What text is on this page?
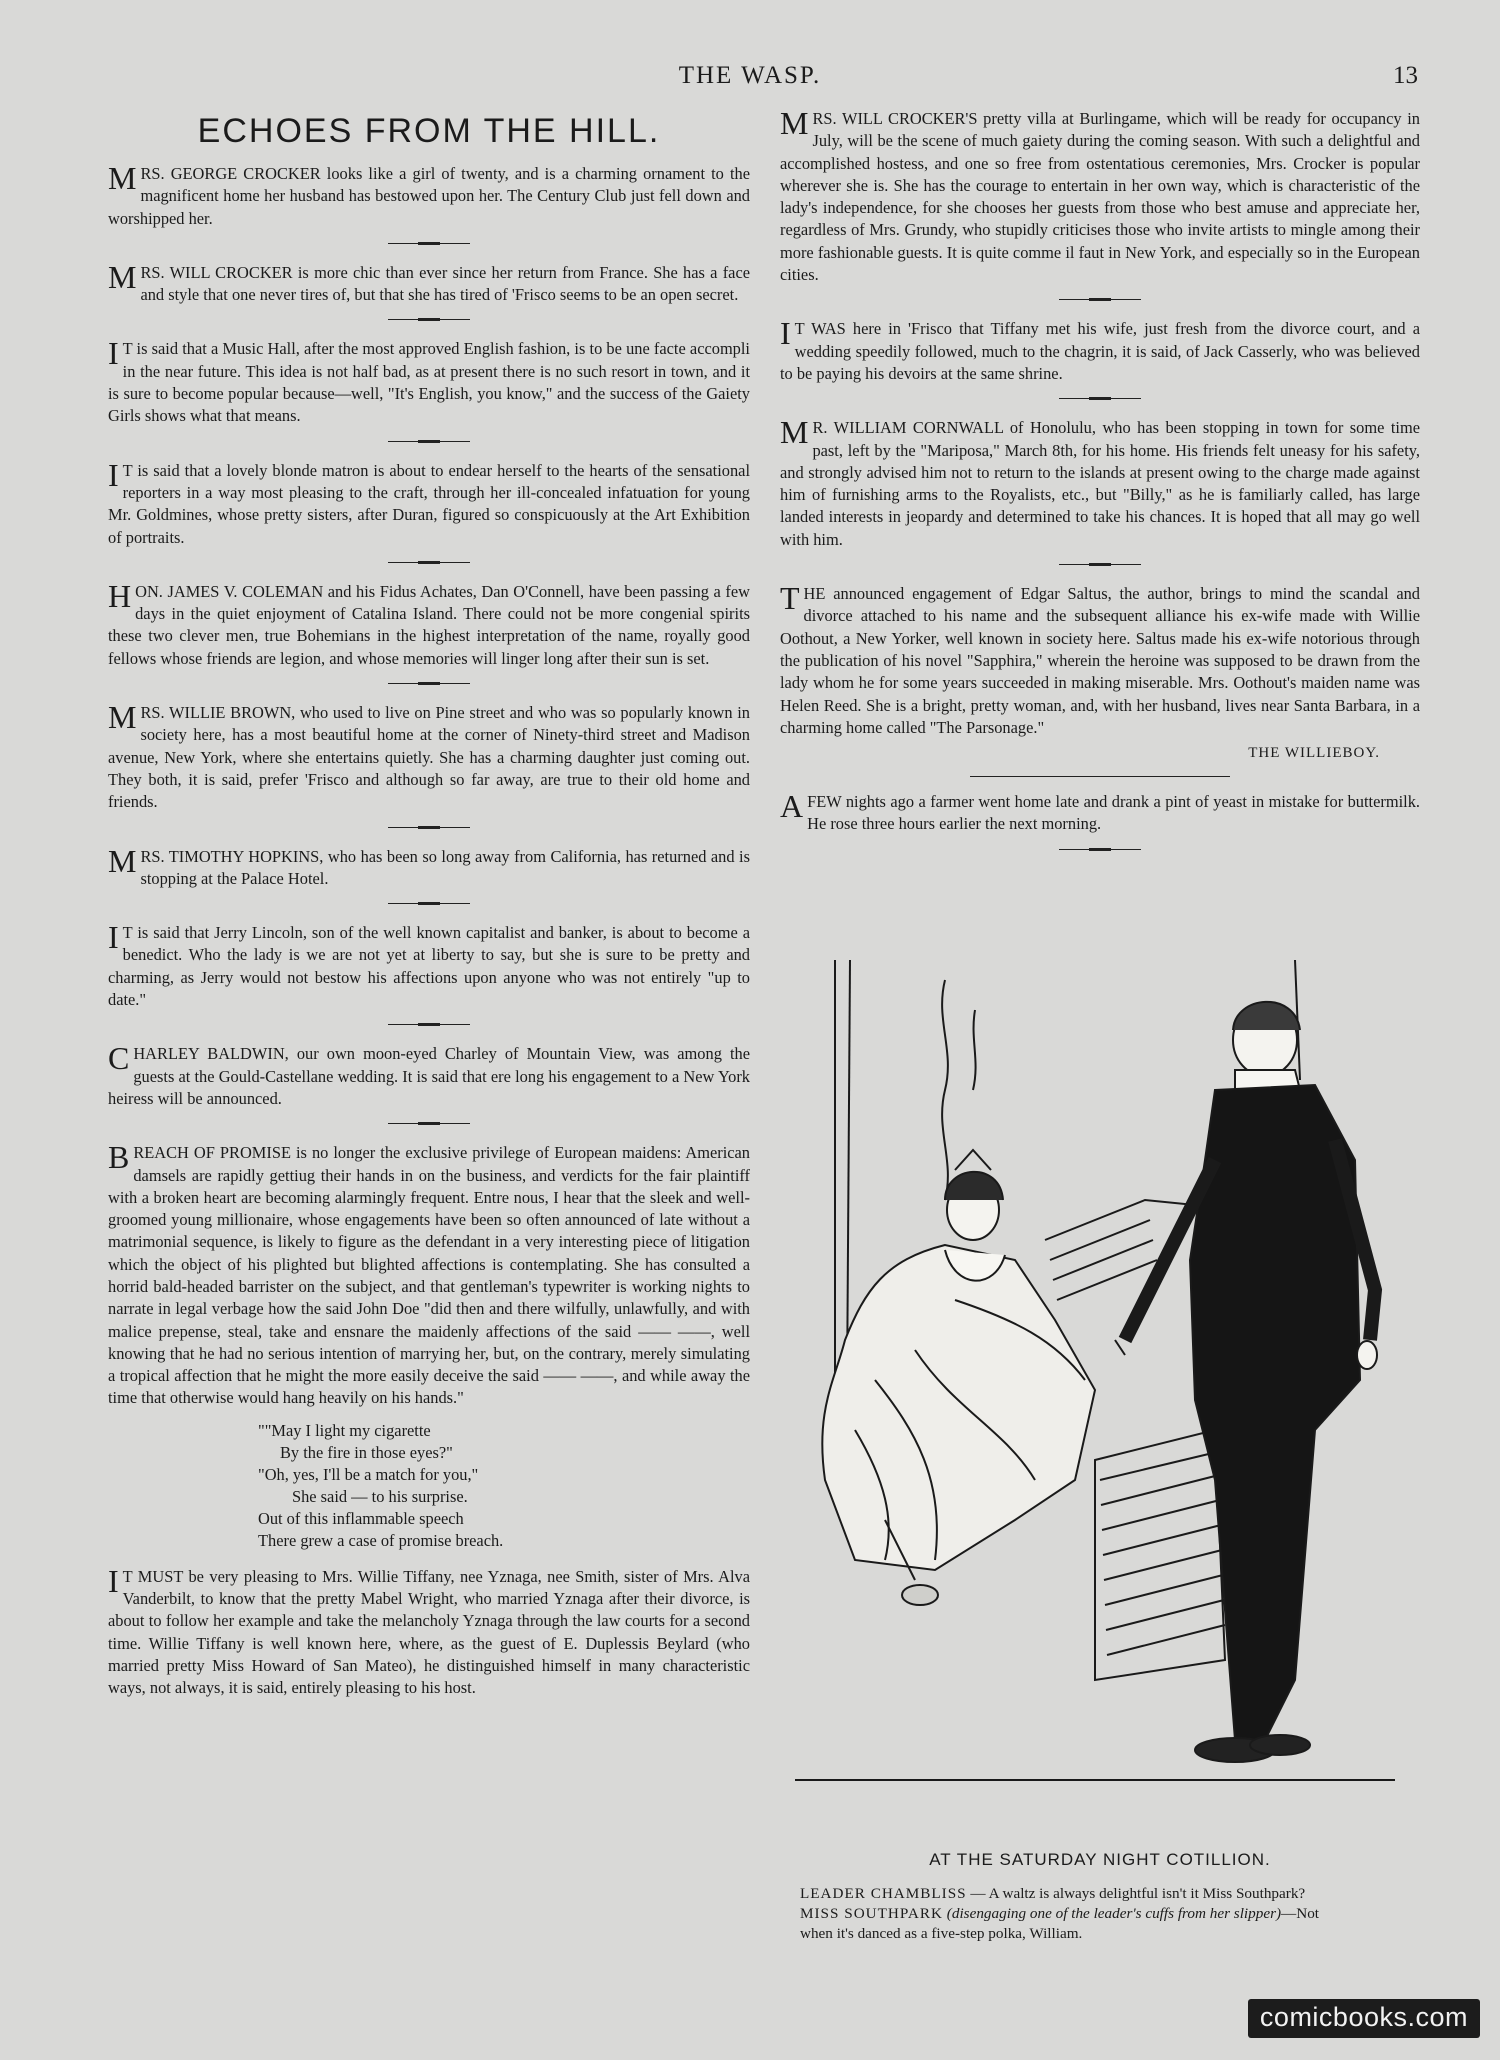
THE WASP.	13
ECHOES FROM THE HILL.

MRS. GEORGE CROCKER looks like a girl of twenty, and is a charming ornament to the magnificent home her husband has bestowed upon her. The Century Club just fell down and worshipped her.

MRS. WILL CROCKER is more chic than ever since her return from France. She has a face and style that one never tires of, but that she has tired of 'Frisco seems to be an open secret.

I T is said that a Music Hall, after the most approved English fashion, is to be une facte accompli in the near future. This idea is not half bad, as at present there is no such resort in town, and it is sure to become popular because—well, "It's English, you know," and the success of the Gaiety Girls shows what that means.

I T is said that a lovely blonde matron is about to endear herself to the hearts of the sensational reporters in a way most pleasing to the craft, through her ill-concealed infatuation for young Mr. Goldmines, whose pretty sisters, after Duran, figured so conspicuously at the Art Exhibition of portraits.

HON. JAMES V. COLEMAN and his Fidus Achates, Dan O'Connell, have been passing a few days in the quiet enjoyment of Catalina Island. There could not be more congenial spirits these two clever men, true Bohemians in the highest interpretation of the name, royally good fellows whose friends are legion, and whose memories will linger long after their sun is set.

MRS. WILLIE BROWN, who used to live on Pine street and who was so popularly known in society here, has a most beautiful home at the corner of Ninety-third street and Madison avenue, New York, where she entertains quietly. She has a charming daughter just coming out. They both, it is said, prefer 'Frisco and although so far away, are true to their old home and friends.

MRS. TIMOTHY HOPKINS, who has been so long away from California, has returned and is stopping at the Palace Hotel.

I T is said that Jerry Lincoln, son of the well known capitalist and banker, is about to become a benedict. Who the lady is we are not yet at liberty to say, but she is sure to be pretty and charming, as Jerry would not bestow his affections upon anyone who was not entirely "up to date."

CHARLEY BALDWIN, our own moon-eyed Charley of Mountain View, was among the guests at the Gould-Castellane wedding. It is said that ere long his engagement to a New York heiress will be announced.

BREACH OF PROMISE is no longer the exclusive privilege of European maidens: American damsels are rapidly gettiug their hands in on the business, and verdicts for the fair plaintiff with a broken heart are becoming alarmingly frequent. Entre nous, I hear that the sleek and well-groomed young millionaire, whose engagements have been so often announced of late without a matrimonial sequence, is likely to figure as the defendant in a very interesting piece of litigation which the object of his plighted but blighted affections is contemplating. She has consulted a horrid bald-headed barrister on the subject, and that gentleman's typewriter is working nights to narrate in legal verbage how the said John Doe "did then and there wilfully, unlawfully, and with malice prepense, steal, take and ensnare the maidenly affections of the said —— ——, well knowing that he had no serious intention of marrying her, but, on the contrary, merely simulating a tropical affection that he might the more easily deceive the said —— ——, and while away the time that otherwise would hang heavily on his hands."

""May I light my cigarette
By the fire in those eyes?"
"Oh, yes, I'll be a match for you,"
She said — to his surprise.
Out of this inflammable speech
There grew a case of promise breach.

I T MUST be very pleasing to Mrs. Willie Tiffany, nee Yznaga, nee Smith, sister of Mrs. Alva Vanderbilt, to know that the pretty Mabel Wright, who married Yznaga after their divorce, is about to follow her example and take the melancholy Yznaga through the law courts for a second time. Willie Tiffany is well known here, where, as the guest of E. Duplessis Beylard (who married pretty Miss Howard of San Mateo), he distinguished himself in many characteristic ways, not always, it is said, entirely pleasing to his host.

MRS. WILL CROCKER'S pretty villa at Burlingame, which will be ready for occupancy in July, will be the scene of much gaiety during the coming season. With such a delightful and accomplished hostess, and one so free from ostentatious ceremonies, Mrs. Crocker is popular wherever she is. She has the courage to entertain in her own way, which is characteristic of the lady's independence, for she chooses her guests from those who best amuse and appreciate her, regardless of Mrs. Grundy, who stupidly criticises those who invite artists to mingle among their more fashionable guests. It is quite comme il faut in New York, and especially so in the European cities.

I T WAS here in 'Frisco that Tiffany met his wife, just fresh from the divorce court, and a wedding speedily followed, much to the chagrin, it is said, of Jack Casserly, who was believed to be paying his devoirs at the same shrine.

M R. WILLIAM CORNWALL of Honolulu, who has been stopping in town for some time past, left by the "Mariposa," March 8th, for his home. His friends felt uneasy for his safety, and strongly advised him not to return to the islands at present owing to the charge made against him of furnishing arms to the Royalists, etc., but "Billy," as he is familiarly called, has large landed interests in jeopardy and determined to take his chances. It is hoped that all may go well with him.

THE announced engagement of Edgar Saltus, the author, brings to mind the scandal and divorce attached to his name and the subsequent alliance his ex-wife made with Willie Oothout, a New Yorker, well known in society here. Saltus made his ex-wife notorious through the publication of his novel "Sapphira," wherein the heroine was supposed to be drawn from the lady whom he for some years succeeded in making miserable. Mrs. Oothout's maiden name was Helen Reed. She is a bright, pretty woman, and, with her husband, lives near Santa Barbara, in a charming home called "The Parsonage."

THE WILLIEBOY.

AFEW nights ago a farmer went home late and drank a pint of yeast in mistake for buttermilk. He rose three hours earlier the next morning.

AT THE SATURDAY NIGHT COTILLION.
LEADER CHAMBLISS — A waltz is always delightful isn't it Miss Southpark?
MISS SOUTHPARK (disengaging one of the leader's cuffs from her slipper)—Not when it's danced as a five-step polka, William.
comicbooks.com
